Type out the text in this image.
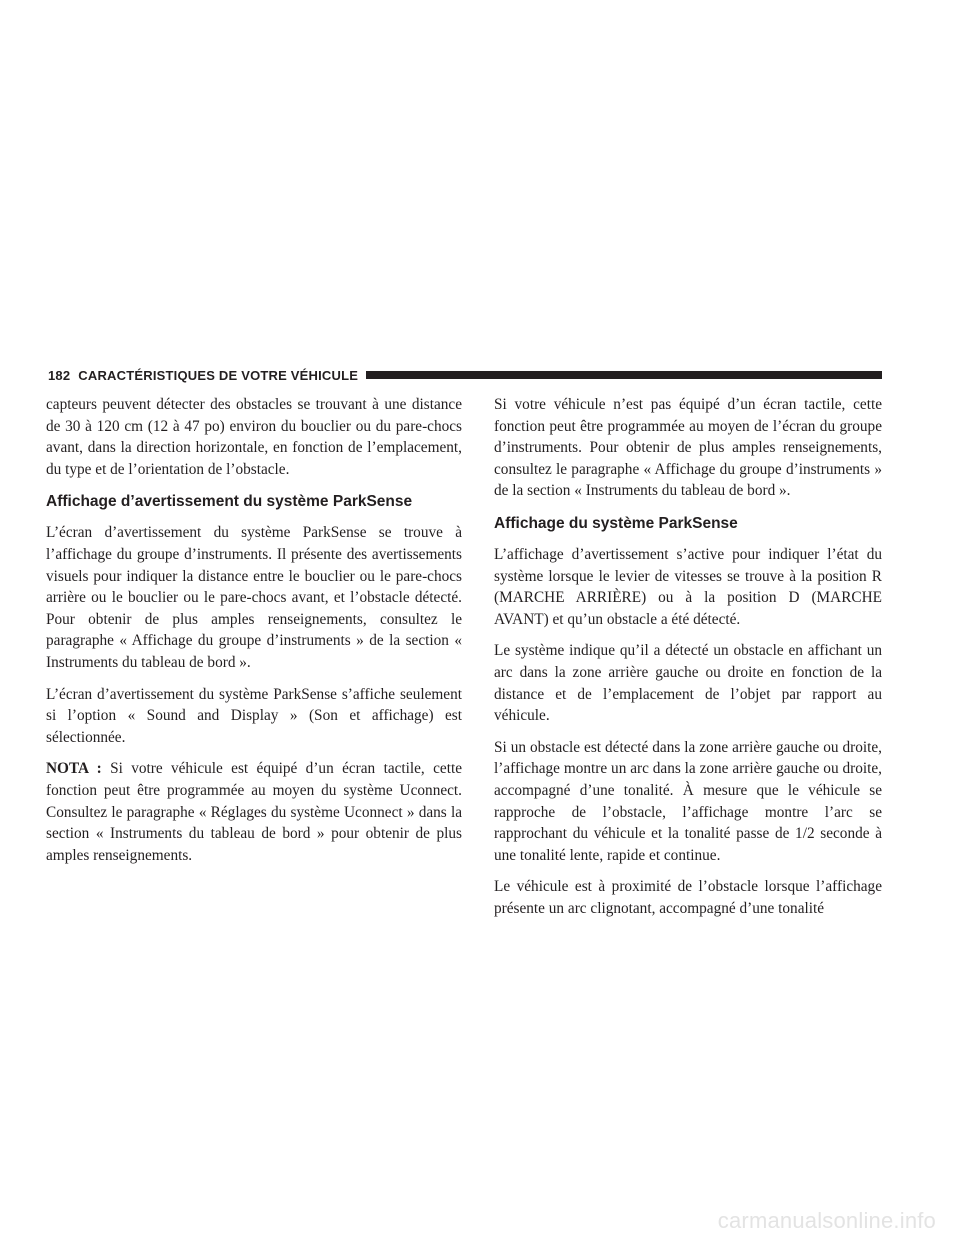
182 CARACTÉRISTIQUES DE VOTRE VÉHICULE

capteurs peuvent détecter des obstacles se trouvant à une distance de 30 à 120 cm (12 à 47 po) environ du bouclier ou du pare-chocs avant, dans la direction horizontale, en fonction de l’emplacement, du type et de l’orientation de l’obstacle.

Affichage d’avertissement du système ParkSense

L’écran d’avertissement du système ParkSense se trouve à l’affichage du groupe d’instruments. Il présente des avertissements visuels pour indiquer la distance entre le bouclier ou le pare-chocs arrière ou le bouclier ou le pare-chocs avant, et l’obstacle détecté. Pour obtenir de plus amples renseignements, consultez le paragraphe « Affichage du groupe d’instruments » de la section « Instruments du tableau de bord ».

L’écran d’avertissement du système ParkSense s’affiche seulement si l’option « Sound and Display » (Son et affichage) est sélectionnée.

NOTA : Si votre véhicule est équipé d’un écran tactile, cette fonction peut être programmée au moyen du système Uconnect. Consultez le paragraphe « Réglages du système Uconnect » dans la section « Instruments du tableau de bord » pour obtenir de plus amples renseignements.

Si votre véhicule n’est pas équipé d’un écran tactile, cette fonction peut être programmée au moyen de l’écran du groupe d’instruments. Pour obtenir de plus amples renseignements, consultez le paragraphe « Affichage du groupe d’instruments » de la section « Instruments du tableau de bord ».

Affichage du système ParkSense

L’affichage d’avertissement s’active pour indiquer l’état du système lorsque le levier de vitesses se trouve à la position R (MARCHE ARRIÈRE) ou à la position D (MARCHE AVANT) et qu’un obstacle a été détecté.

Le système indique qu’il a détecté un obstacle en affichant un arc dans la zone arrière gauche ou droite en fonction de la distance et de l’emplacement de l’objet par rapport au véhicule.

Si un obstacle est détecté dans la zone arrière gauche ou droite, l’affichage montre un arc dans la zone arrière gauche ou droite, accompagné d’une tonalité. À mesure que le véhicule se rapproche de l’obstacle, l’affichage montre l’arc se rapprochant du véhicule et la tonalité passe de 1/2 seconde à une tonalité lente, rapide et continue.

Le véhicule est à proximité de l’obstacle lorsque l’affichage présente un arc clignotant, accompagné d’une tonalité

carmanualsonline.info
